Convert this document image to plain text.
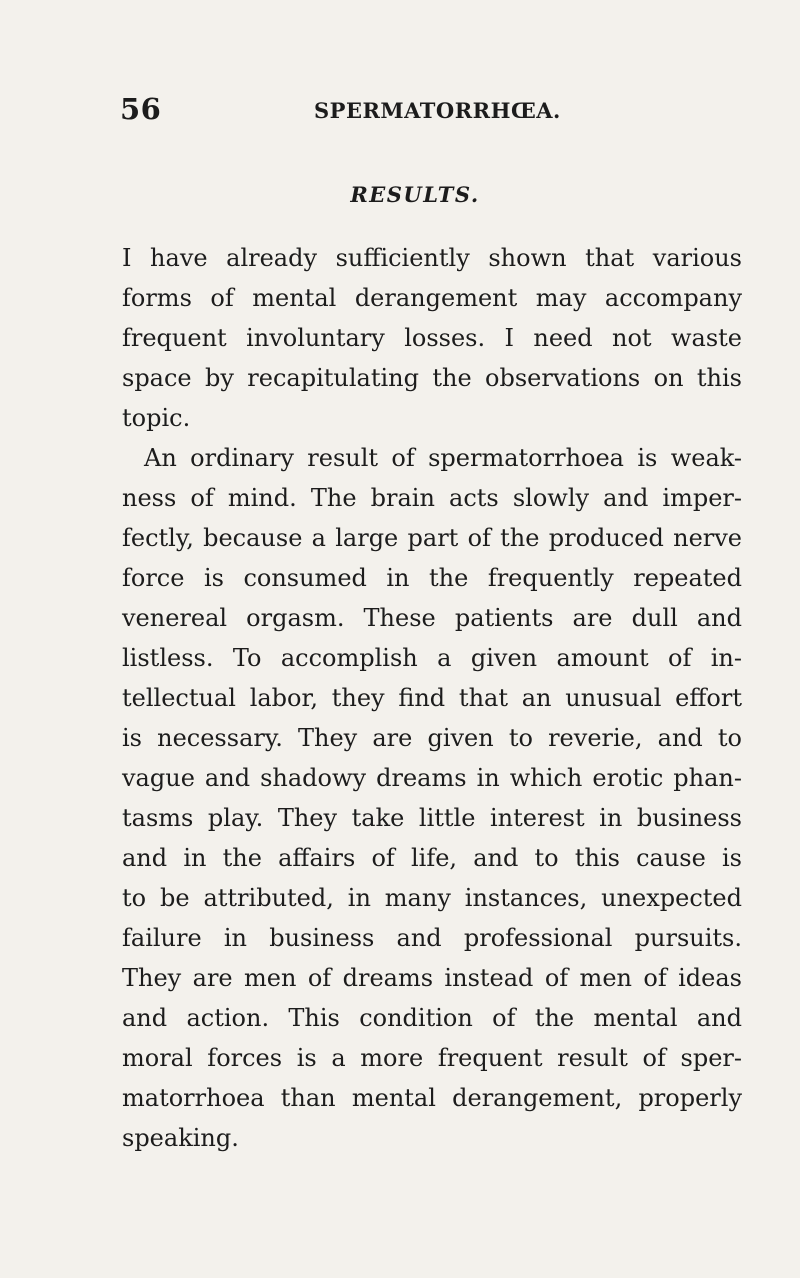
56	SPERMATORRHŒA.
RESULTS.
I have already sufficiently shown that various
forms of mental derangement may accompany
frequent involuntary losses. I need not waste
space by recapitulating the observations on this
topic.
An ordinary result of spermatorrhoea is weak-
ness of mind. The brain acts slowly and imper-
fectly, because a large part of the produced nerve
force is consumed in the frequently repeated
venereal orgasm. These patients are dull and
listless. To accomplish a given amount of in-
tellectual labor, they find that an unusual effort
is necessary. They are given to reverie, and to
vague and shadowy dreams in which erotic phan-
tasms play. They take little interest in business
and in the affairs of life, and to this cause is
to be attributed, in many instances, unexpected
failure in business and professional pursuits.
They are men of dreams instead of men of ideas
and action. This condition of the mental and
moral forces is a more frequent result of sper-
matorrhoea than mental derangement, properly
speaking.
